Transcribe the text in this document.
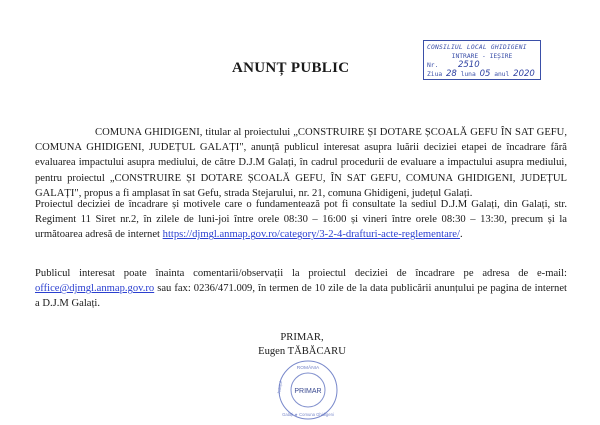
CONSILIUL LOCAL GHIDIGENI
INTRARE - IEȘIRE
Nr. 2510
Ziua 28 luna 05 anul 2020
ANUNȚ PUBLIC

COMUNA GHIDIGENI, titular al proiectului „CONSTRUIRE ȘI DOTARE ȘCOALĂ GEFU ÎN SAT GEFU, COMUNA GHIDIGENI, JUDEȚUL GALAȚI", anunță publicul interesat asupra luării deciziei etapei de încadrare fără evaluarea impactului asupra mediului, de către D.J.M Galați, în cadrul procedurii de evaluare a impactului asupra mediului, pentru proiectul „CONSTRUIRE ȘI DOTARE ȘCOALĂ GEFU, ÎN SAT GEFU, COMUNA GHIDIGENI, JUDEȚUL GALAȚI", propus a fi amplasat în sat Gefu, strada Stejarului, nr. 21, comuna Ghidigeni, județul Galați.

Proiectul deciziei de încadrare și motivele care o fundamentează pot fi consultate la sediul D.J.M Galați, din Galați, str. Regiment 11 Siret nr.2, în zilele de luni-joi între orele 08:30 – 16:00 și vineri între orele 08:30 – 13:30, precum și la următoarea adresă de internet https://djmgl.anmap.gov.ro/category/3-2-4-drafturi-acte-reglementare/.

Publicul interesat poate înainta comentarii/observații la proiectul deciziei de încadrare pe adresa de e-mail: office@djmgl.anmap.gov.ro sau fax: 0236/471.009, în termen de 10 zile de la data publicării anunțului pe pagina de internet a D.J.M Galați.

PRIMAR,
Eugen TĂBĂCARU
PRIMAR
ROMÂNIA
Județul
Galați ★ Comuna Ghidigeni
